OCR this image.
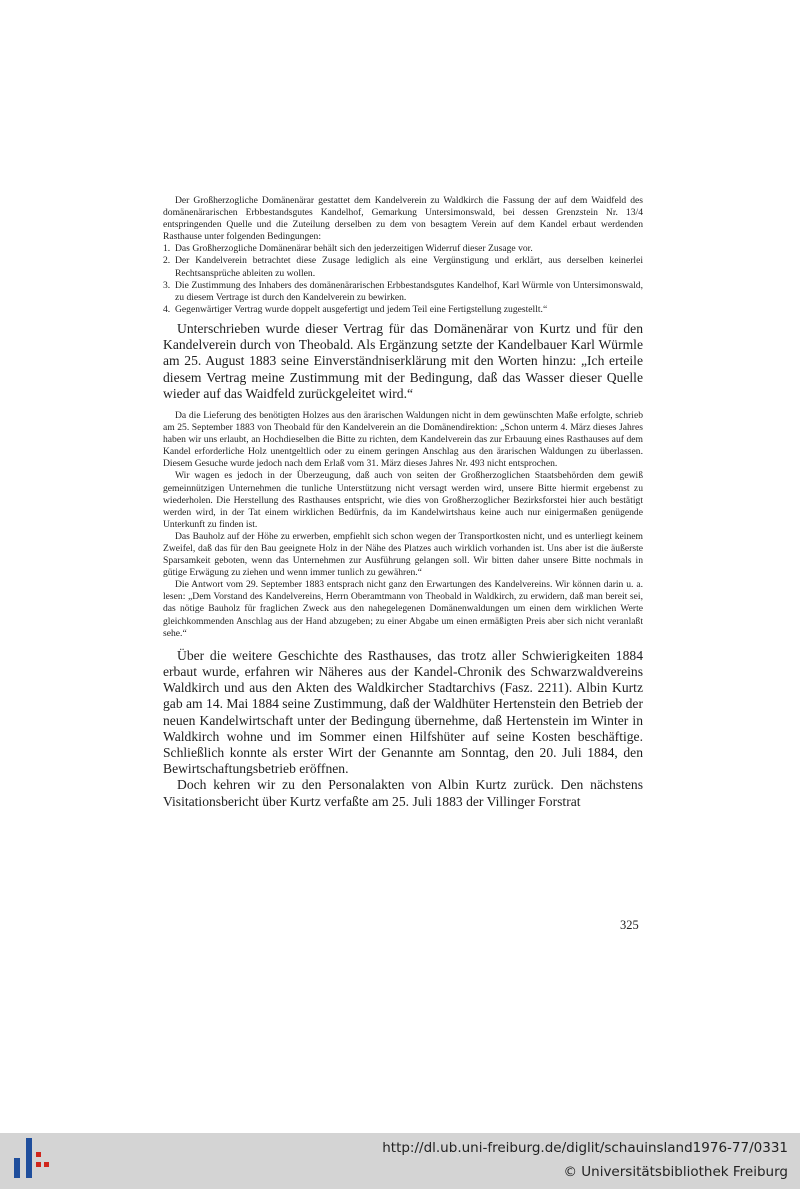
Der Großherzogliche Domänenärar gestattet dem Kandelverein zu Waldkirch die Fassung der auf dem Waidfeld des domänenärarischen Erbbestandsgutes Kandelhof, Gemarkung Untersimonswald, bei dessen Grenzstein Nr. 13/4 entspringenden Quelle und die Zuteilung derselben zu dem von besagtem Verein auf dem Kandel erbaut werdenden Rasthause unter folgenden Bedingungen:

1. Das Großherzogliche Domänenärar behält sich den jederzeitigen Widerruf dieser Zusage vor.
2. Der Kandelverein betrachtet diese Zusage lediglich als eine Vergünstigung und erklärt, aus derselben keinerlei Rechtsansprüche ableiten zu wollen.
3. Die Zustimmung des Inhabers des domänenärarischen Erbbestandsgutes Kandelhof, Karl Würmle von Untersimonswald, zu diesem Vertrage ist durch den Kandelverein zu bewirken.
4. Gegenwärtiger Vertrag wurde doppelt ausgefertigt und jedem Teil eine Fertigstellung zugestellt.“

Unterschrieben wurde dieser Vertrag für das Domänenärar von Kurtz und für den Kandelverein durch von Theobald. Als Ergänzung setzte der Kandelbauer Karl Würmle am 25. August 1883 seine Einverständniserklärung mit den Worten hinzu: „Ich erteile diesem Vertrag meine Zustimmung mit der Bedingung, daß das Wasser dieser Quelle wieder auf das Waidfeld zurückgeleitet wird.“

Da die Lieferung des benötigten Holzes aus den ärarischen Waldungen nicht in dem gewünschten Maße erfolgte, schrieb am 25. September 1883 von Theobald für den Kandelverein an die Domänendirektion: „Schon unterm 4. März dieses Jahres haben wir uns erlaubt, an Hochdieselben die Bitte zu richten, dem Kandelverein das zur Erbauung eines Rasthauses auf dem Kandel erforderliche Holz unentgeltlich oder zu einem geringen Anschlag aus den ärarischen Waldungen zu überlassen. Diesem Gesuche wurde jedoch nach dem Erlaß vom 31. März dieses Jahres Nr. 493 nicht entsprochen.

Wir wagen es jedoch in der Überzeugung, daß auch von seiten der Großherzoglichen Staatsbehörden dem gewiß gemeinnützigen Unternehmen die tunliche Unterstützung nicht versagt werden wird, unsere Bitte hiermit ergebenst zu wiederholen. Die Herstellung des Rasthauses entspricht, wie dies von Großherzoglicher Bezirksforstei hier auch bestätigt werden wird, in der Tat einem wirklichen Bedürfnis, da im Kandelwirtshaus keine auch nur einigermaßen genügende Unterkunft zu finden ist.

Das Bauholz auf der Höhe zu erwerben, empfiehlt sich schon wegen der Transportkosten nicht, und es unterliegt keinem Zweifel, daß das für den Bau geeignete Holz in der Nähe des Platzes auch wirklich vorhanden ist. Uns aber ist die äußerste Sparsamkeit geboten, wenn das Unternehmen zur Ausführung gelangen soll. Wir bitten daher unsere Bitte nochmals in gütige Erwägung zu ziehen und wenn immer tunlich zu gewähren.“

Die Antwort vom 29. September 1883 entsprach nicht ganz den Erwartungen des Kandelvereins. Wir können darin u. a. lesen: „Dem Vorstand des Kandelvereins, Herrn Oberamtmann von Theobald in Waldkirch, zu erwidern, daß man bereit sei, das nötige Bauholz für fraglichen Zweck aus den nahegelegenen Domänenwaldungen um einen dem wirklichen Werte gleichkommenden Anschlag aus der Hand abzugeben; zu einer Abgabe um einen ermäßigten Preis aber sich nicht veranlaßt sehe.“

Über die weitere Geschichte des Rasthauses, das trotz aller Schwierigkeiten 1884 erbaut wurde, erfahren wir Näheres aus der Kandel-Chronik des Schwarzwaldvereins Waldkirch und aus den Akten des Waldkircher Stadtarchivs (Fasz. 2211). Albin Kurtz gab am 14. Mai 1884 seine Zustimmung, daß der Waldhüter Hertenstein den Betrieb der neuen Kandelwirtschaft unter der Bedingung übernehme, daß Hertenstein im Winter in Waldkirch wohne und im Sommer einen Hilfshüter auf seine Kosten beschäftige. Schließlich konnte als erster Wirt der Genannte am Sonntag, den 20. Juli 1884, den Bewirtschaftungsbetrieb eröffnen.

Doch kehren wir zu den Personalakten von Albin Kurtz zurück. Den nächstens Visitationsbericht über Kurtz verfaßte am 25. Juli 1883 der Villinger Forstrat

325
http://dl.ub.uni-freiburg.de/diglit/schauinsland1976-77/0331
© Universitätsbibliothek Freiburg
